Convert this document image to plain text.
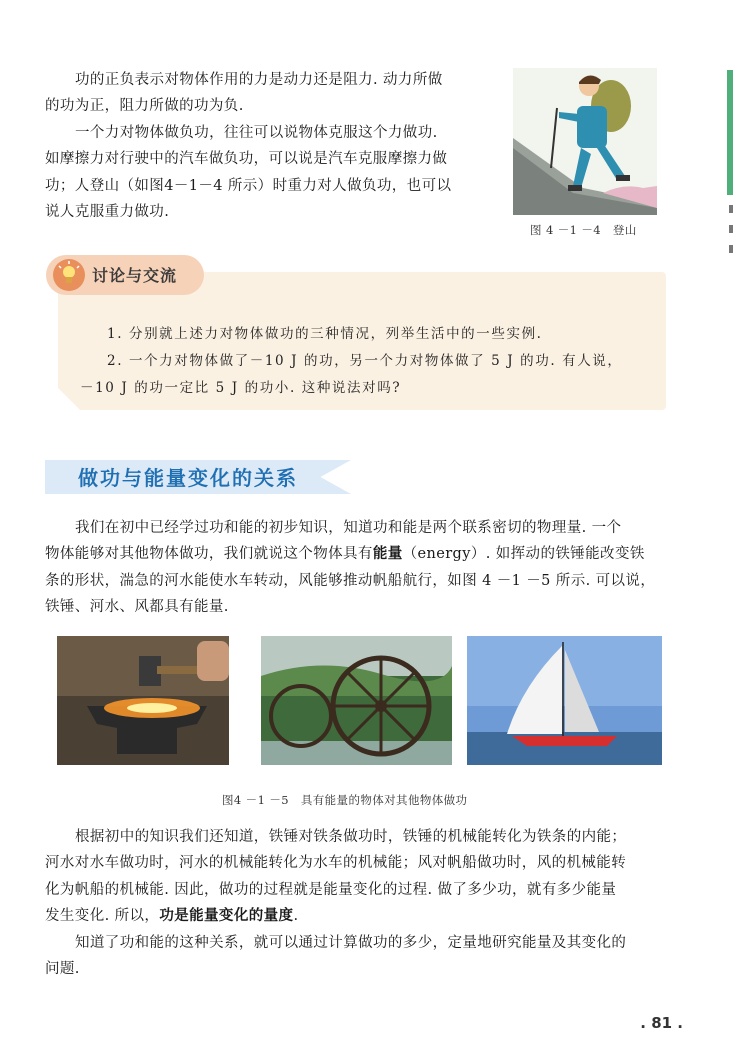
功的正负表示对物体作用的力是动力还是阻力. 动力所做
的功为正，阻力所做的功为负.
一个力对物体做负功，往往可以说物体克服这个力做功.
如摩擦力对行驶中的汽车做负功，可以说是汽车克服摩擦力做
功；人登山（如图4－1－4 所示）时重力对人做负功，也可以
说人克服重力做功.
图 4 －1 －4　登山
讨论与交流
1. 分别就上述力对物体做功的三种情况，列举生活中的一些实例.
2. 一个力对物体做了－10 J 的功，另一个力对物体做了 5 J 的功. 有人说，
－10 J 的功一定比 5 J 的功小. 这种说法对吗?
做功与能量变化的关系
我们在初中已经学过功和能的初步知识，知道功和能是两个联系密切的物理量. 一个
物体能够对其他物体做功，我们就说这个物体具有能量（energy）. 如挥动的铁锤能改变铁
条的形状，湍急的河水能使水车转动，风能够推动帆船航行，如图 4 －1 －5 所示. 可以说，
铁锤、河水、风都具有能量.
图4 －1 －5　具有能量的物体对其他物体做功
根据初中的知识我们还知道，铁锤对铁条做功时，铁锤的机械能转化为铁条的内能；
河水对水车做功时，河水的机械能转化为水车的机械能；风对帆船做功时，风的机械能转
化为帆船的机械能. 因此，做功的过程就是能量变化的过程. 做了多少功，就有多少能量
发生变化. 所以，功是能量变化的量度.
知道了功和能的这种关系，就可以通过计算做功的多少，定量地研究能量及其变化的
问题.
. 81 .
